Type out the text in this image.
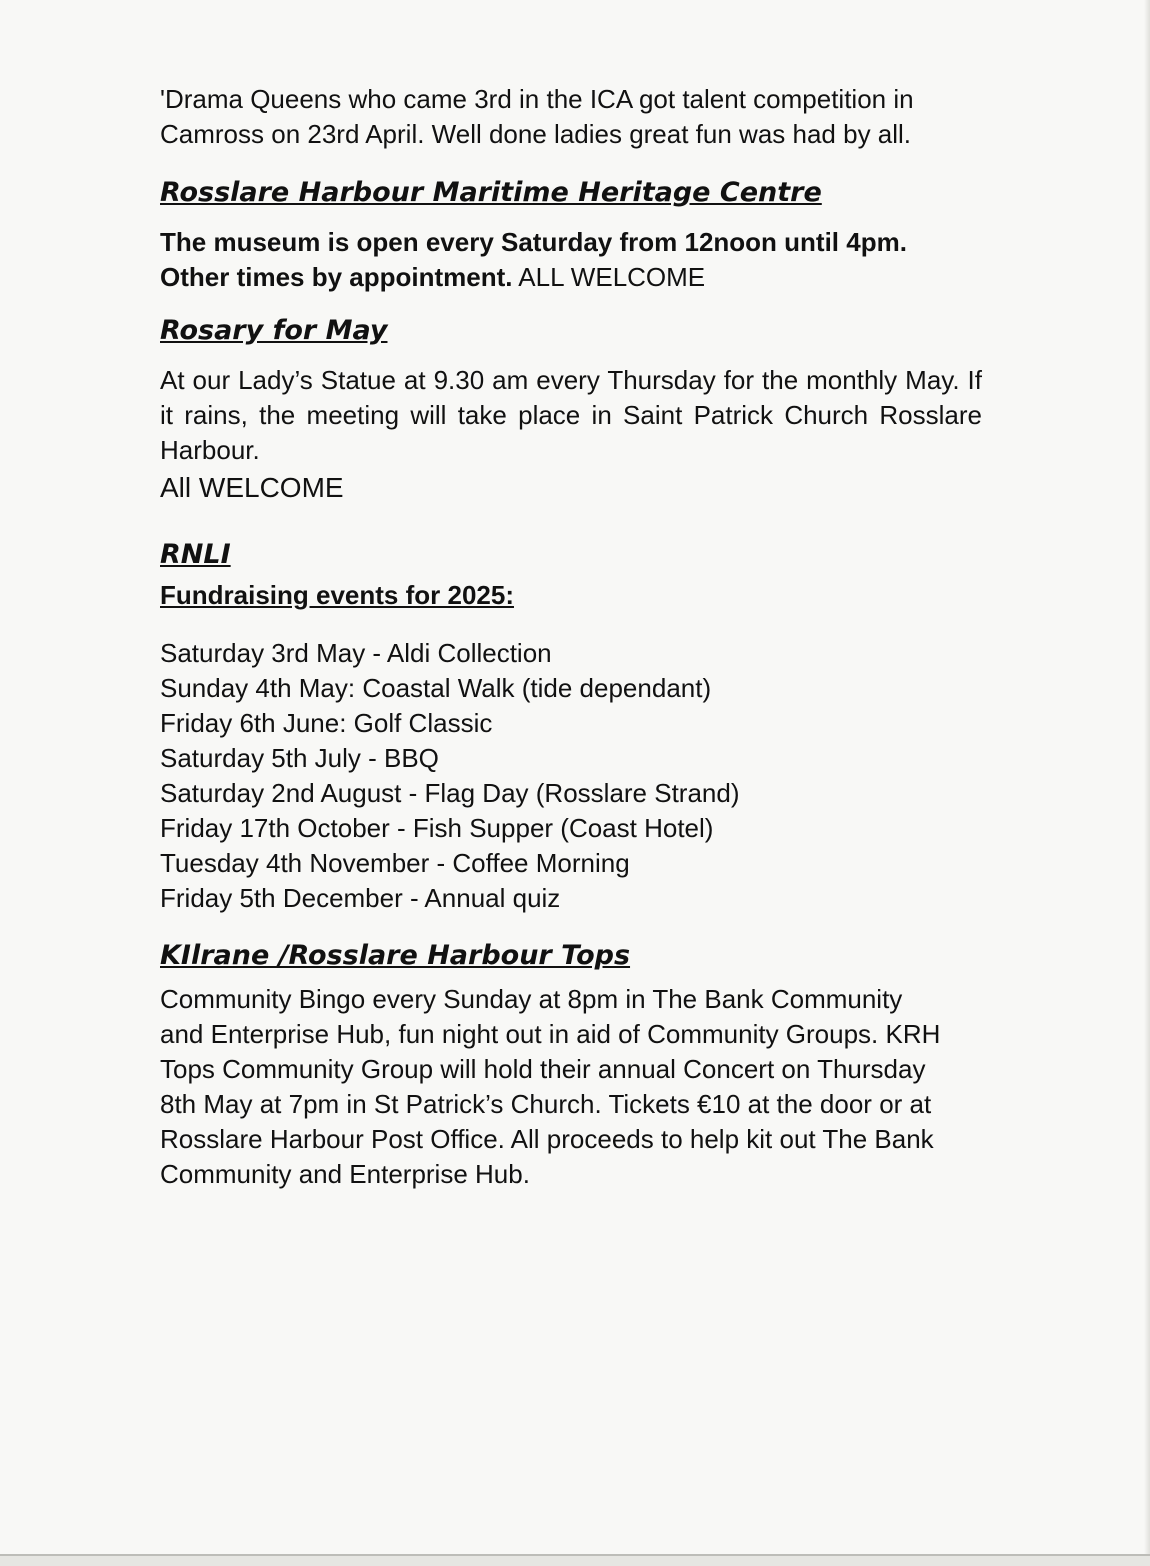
'Drama Queens who came 3rd in the ICA got talent competition in Camross on 23rd April. Well done ladies great fun was had by all.

Rosslare Harbour Maritime Heritage Centre

The museum is open every Saturday from 12noon until 4pm. Other times by appointment. ALL WELCOME

Rosary for May

At our Lady’s Statue at 9.30 am every Thursday for the monthly May. If it rains, the meeting will take place in Saint Patrick Church Rosslare Harbour.

All WELCOME

RNLI

Fundraising events for 2025:

Saturday 3rd May - Aldi Collection

Sunday 4th May: Coastal Walk (tide dependant)

Friday 6th June: Golf Classic

Saturday 5th July - BBQ

Saturday 2nd August - Flag Day (Rosslare Strand)

Friday 17th October - Fish Supper (Coast Hotel)

Tuesday 4th November - Coffee Morning

Friday 5th December - Annual quiz

KIlrane /Rosslare Harbour Tops

Community Bingo every Sunday at 8pm in The Bank Community and Enterprise Hub, fun night out in aid of Community Groups. KRH Tops Community Group will hold their annual Concert on Thursday 8th May at 7pm in St Patrick’s Church. Tickets €10 at the door or at Rosslare Harbour Post Office. All proceeds to help kit out The Bank Community and Enterprise Hub.
